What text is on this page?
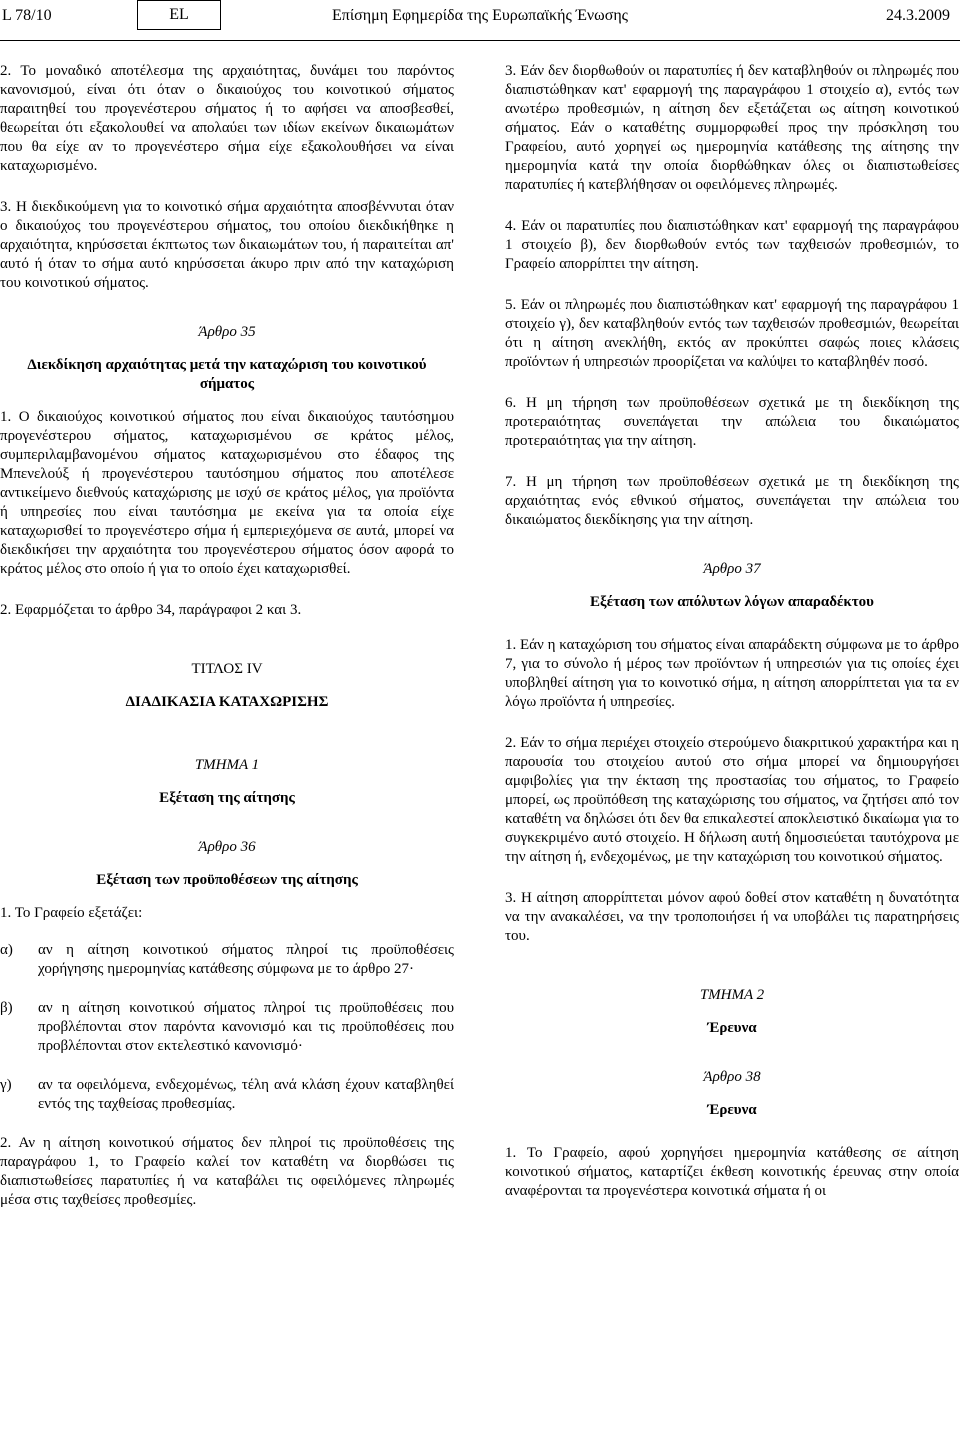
L 78/10	EL	Επίσημη Εφημερίδα της Ευρωπαϊκής Ένωσης	24.3.2009

2. Το μοναδικό αποτέλεσμα της αρχαιότητας, δυνάμει του παρόντος κανονισμού, είναι ότι όταν ο δικαιούχος του κοινοτικού σήματος παραιτηθεί του προγενέστερου σήματος ή το αφήσει να αποσβεσθεί, θεωρείται ότι εξακολουθεί να απολαύει των ιδίων εκείνων δικαιωμάτων που θα είχε αν το προγενέστερο σήμα είχε εξακολουθήσει να είναι καταχωρισμένο.

3. Η διεκδικούμενη για το κοινοτικό σήμα αρχαιότητα αποσβέννυται όταν ο δικαιούχος του προγενέστερου σήματος, του οποίου διεκδικήθηκε η αρχαιότητα, κηρύσσεται έκπτωτος των δικαιωμάτων του, ή παραιτείται απ' αυτό ή όταν το σήμα αυτό κηρύσσεται άκυρο πριν από την καταχώριση του κοινοτικού σήματος.

Άρθρο 35

Διεκδίκηση αρχαιότητας μετά την καταχώριση του κοινοτικού σήματος

1. Ο δικαιούχος κοινοτικού σήματος που είναι δικαιούχος ταυτόσημου προγενέστερου σήματος, καταχωρισμένου σε κράτος μέλος, συμπεριλαμβανομένου σήματος καταχωρισμένου στο έδαφος της Μπενελούξ ή προγενέστερου ταυτόσημου σήματος που αποτέλεσε αντικείμενο διεθνούς καταχώρισης με ισχύ σε κράτος μέλος, για προϊόντα ή υπηρεσίες που είναι ταυτόσημα με εκείνα για τα οποία είχε καταχωρισθεί το προγενέστερο σήμα ή εμπεριεχόμενα σε αυτά, μπορεί να διεκδικήσει την αρχαιότητα του προγενέστερου σήματος όσον αφορά το κράτος μέλος στο οποίο ή για το οποίο έχει καταχωρισθεί.

2. Εφαρμόζεται το άρθρο 34, παράγραφοι 2 και 3.

ΤΙΤΛΟΣ IV

ΔΙΑΔΙΚΑΣΙΑ ΚΑΤΑΧΩΡΙΣΗΣ

ΤΜΗΜΑ 1

Εξέταση της αίτησης

Άρθρο 36

Εξέταση των προϋποθέσεων της αίτησης

1. Το Γραφείο εξετάζει:

α)	αν η αίτηση κοινοτικού σήματος πληροί τις προϋποθέσεις χορήγησης ημερομηνίας κατάθεσης σύμφωνα με το άρθρο 27·
β)	αν η αίτηση κοινοτικού σήματος πληροί τις προϋποθέσεις που προβλέπονται στον παρόντα κανονισμό και τις προϋποθέσεις που προβλέπονται στον εκτελεστικό κανονισμό·
γ)	αν τα οφειλόμενα, ενδεχομένως, τέλη ανά κλάση έχουν καταβληθεί εντός της ταχθείσας προθεσμίας.

2. Αν η αίτηση κοινοτικού σήματος δεν πληροί τις προϋποθέσεις της παραγράφου 1, το Γραφείο καλεί τον καταθέτη να διορθώσει τις διαπιστωθείσες παρατυπίες ή να καταβάλει τις οφειλόμενες πληρωμές μέσα στις ταχθείσες προθεσμίες.

3. Εάν δεν διορθωθούν οι παρατυπίες ή δεν καταβληθούν οι πληρωμές που διαπιστώθηκαν κατ' εφαρμογή της παραγράφου 1 στοιχείο α), εντός των ανωτέρω προθεσμιών, η αίτηση δεν εξετάζεται ως αίτηση κοινοτικού σήματος. Εάν ο καταθέτης συμμορφωθεί προς την πρόσκληση του Γραφείου, αυτό χορηγεί ως ημερομηνία κατάθεσης της αίτησης την ημερομηνία κατά την οποία διορθώθηκαν όλες οι διαπιστωθείσες παρατυπίες ή κατεβλήθησαν οι οφειλόμενες πληρωμές.

4. Εάν οι παρατυπίες που διαπιστώθηκαν κατ' εφαρμογή της παραγράφου 1 στοιχείο β), δεν διορθωθούν εντός των ταχθεισών προθεσμιών, το Γραφείο απορρίπτει την αίτηση.

5. Εάν οι πληρωμές που διαπιστώθηκαν κατ' εφαρμογή της παραγράφου 1 στοιχείο γ), δεν καταβληθούν εντός των ταχθεισών προθεσμιών, θεωρείται ότι η αίτηση ανεκλήθη, εκτός αν προκύπτει σαφώς ποιες κλάσεις προϊόντων ή υπηρεσιών προορίζεται να καλύψει το καταβληθέν ποσό.

6. Η μη τήρηση των προϋποθέσεων σχετικά με τη διεκδίκηση της προτεραιότητας συνεπάγεται την απώλεια του δικαιώματος προτεραιότητας για την αίτηση.

7. Η μη τήρηση των προϋποθέσεων σχετικά με τη διεκδίκηση της αρχαιότητας ενός εθνικού σήματος, συνεπάγεται την απώλεια του δικαιώματος διεκδίκησης για την αίτηση.

Άρθρο 37

Εξέταση των απόλυτων λόγων απαραδέκτου

1. Εάν η καταχώριση του σήματος είναι απαράδεκτη σύμφωνα με το άρθρο 7, για το σύνολο ή μέρος των προϊόντων ή υπηρεσιών για τις οποίες έχει υποβληθεί αίτηση για το κοινοτικό σήμα, η αίτηση απορρίπτεται για τα εν λόγω προϊόντα ή υπηρεσίες.

2. Εάν το σήμα περιέχει στοιχείο στερούμενο διακριτικού χαρακτήρα και η παρουσία του στοιχείου αυτού στο σήμα μπορεί να δημιουργήσει αμφιβολίες για την έκταση της προστασίας του σήματος, το Γραφείο μπορεί, ως προϋπόθεση της καταχώρισης του σήματος, να ζητήσει από τον καταθέτη να δηλώσει ότι δεν θα επικαλεστεί αποκλειστικό δικαίωμα για το συγκεκριμένο αυτό στοιχείο. Η δήλωση αυτή δημοσιεύεται ταυτόχρονα με την αίτηση ή, ενδεχομένως, με την καταχώριση του κοινοτικού σήματος.

3. Η αίτηση απορρίπτεται μόνον αφού δοθεί στον καταθέτη η δυνατότητα να την ανακαλέσει, να την τροποποιήσει ή να υποβάλει τις παρατηρήσεις του.

ΤΜΗΜΑ 2

Έρευνα

Άρθρο 38

Έρευνα

1. Το Γραφείο, αφού χορηγήσει ημερομηνία κατάθεσης σε αίτηση κοινοτικού σήματος, καταρτίζει έκθεση κοινοτικής έρευνας στην οποία αναφέρονται τα προγενέστερα κοινοτικά σήματα ή οι
